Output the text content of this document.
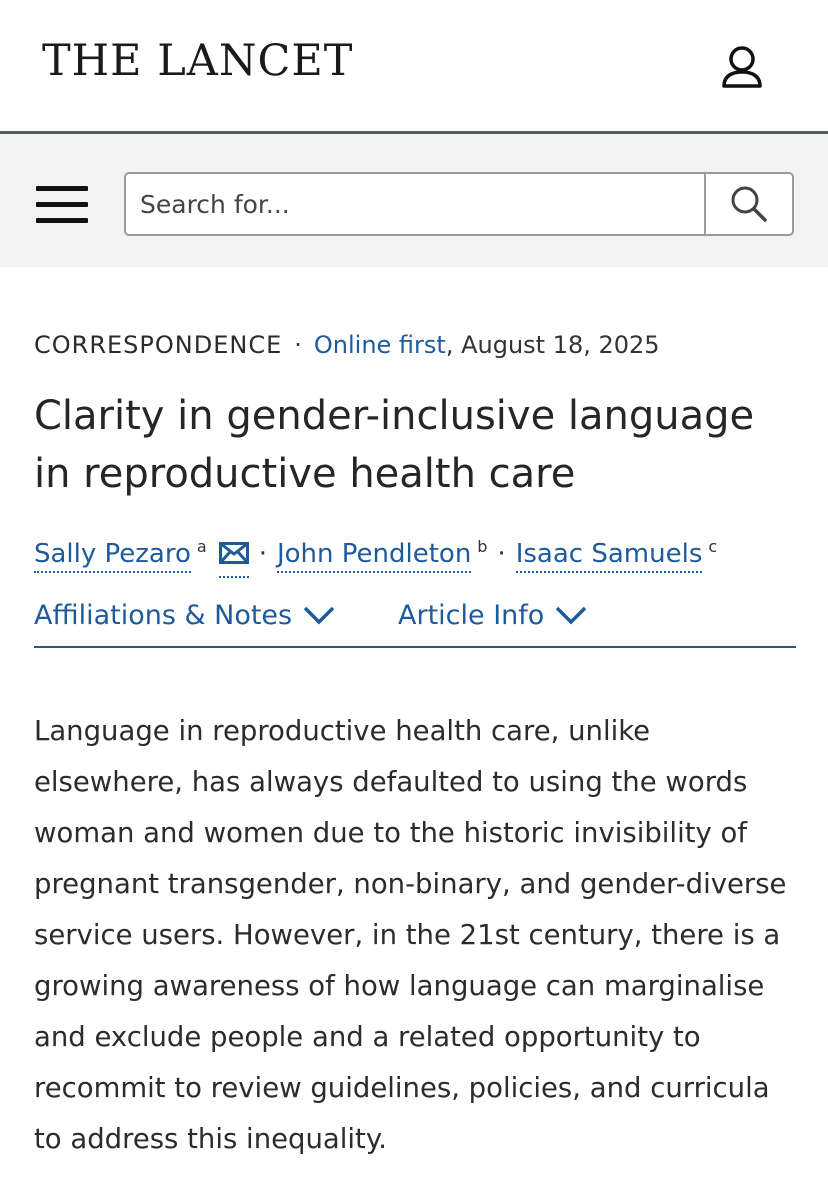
THE LANCET
Search for...
CORRESPONDENCE · Online first, August 18, 2025
Clarity in gender-inclusive language in reproductive health care
Sally Pezaro $^a$ · John Pendleton $^b$ · Isaac Samuels $^c$
Affiliations & Notes	Article Info

Language in reproductive health care, unlike elsewhere, has always defaulted to using the words woman and women due to the historic invisibility of pregnant transgender, non-binary, and gender-diverse service users. However, in the 21st century, there is a growing awareness of how language can marginalise and exclude people and a related opportunity to recommit to review guidelines, policies, and curricula to address this inequality.
